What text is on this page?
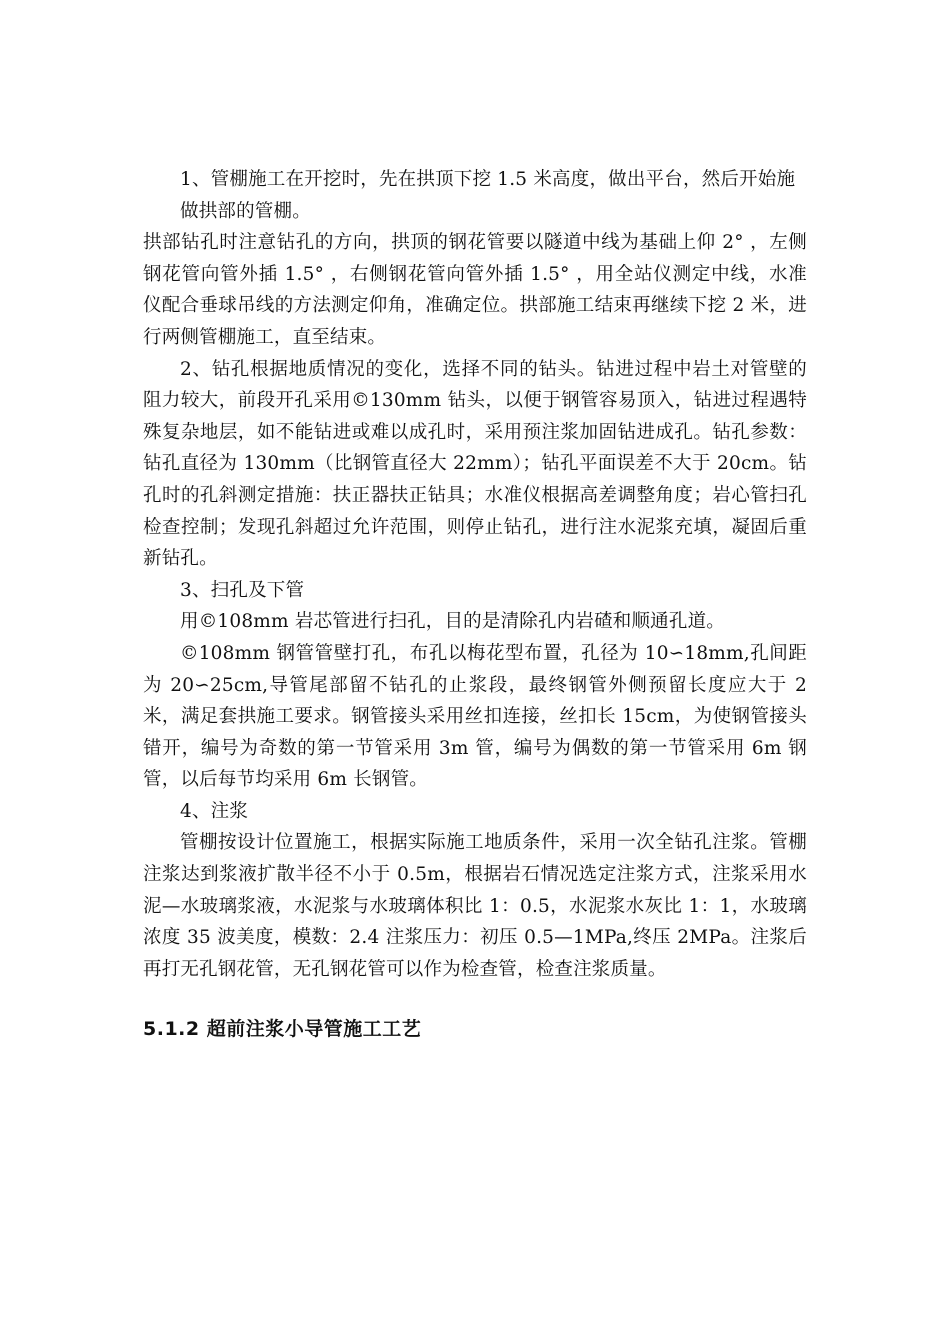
1、管棚施工在开挖时，先在拱顶下挖 1.5 米高度，做出平台，然后开始施

做拱部的管棚。

拱部钻孔时注意钻孔的方向，拱顶的钢花管要以隧道中线为基础上仰 2° ，左侧钢花管向管外插 1.5° ，右侧钢花管向管外插 1.5° ，用全站仪测定中线，水准仪配合垂球吊线的方法测定仰角，准确定位。拱部施工结束再继续下挖 2 米，进行两侧管棚施工，直至结束。

2、钻孔根据地质情况的变化，选择不同的钻头。钻进过程中岩土对管壁的阻力较大，前段开孔采用©130mm 钻头，以便于钢管容易顶入，钻进过程遇特殊复杂地层，如不能钻进或难以成孔时，采用预注浆加固钻进成孔。钻孔参数：钻孔直径为 130mm（比钢管直径大 22mm）；钻孔平面误差不大于 20cm。钻孔时的孔斜测定措施：扶正器扶正钻具；水准仪根据高差调整角度；岩心管扫孔检查控制；发现孔斜超过允许范围，则停止钻孔，进行注水泥浆充填，凝固后重新钻孔。

3、扫孔及下管

用©108mm 岩芯管进行扫孔，目的是清除孔内岩碴和顺通孔道。

©108mm 钢管管壁打孔，布孔以梅花型布置，孔径为 10∽18mm,孔间距为 20∽25cm,导管尾部留不钻孔的止浆段，最终钢管外侧预留长度应大于 2 米，满足套拱施工要求。钢管接头采用丝扣连接，丝扣长 15cm，为使钢管接头错开，编号为奇数的第一节管采用 3m 管，编号为偶数的第一节管采用 6m 钢管，以后每节均采用 6m 长钢管。

4、注浆

管棚按设计位置施工，根据实际施工地质条件，采用一次全钻孔注浆。管棚注浆达到浆液扩散半径不小于 0.5m，根据岩石情况选定注浆方式，注浆采用水泥—水玻璃浆液，水泥浆与水玻璃体积比 1：0.5，水泥浆水灰比 1：1，水玻璃浓度 35 波美度，模数：2.4 注浆压力：初压 0.5—1MPa,终压 2MPa。注浆后再打无孔钢花管，无孔钢花管可以作为检查管，检查注浆质量。

5.1.2 超前注浆小导管施工工艺
